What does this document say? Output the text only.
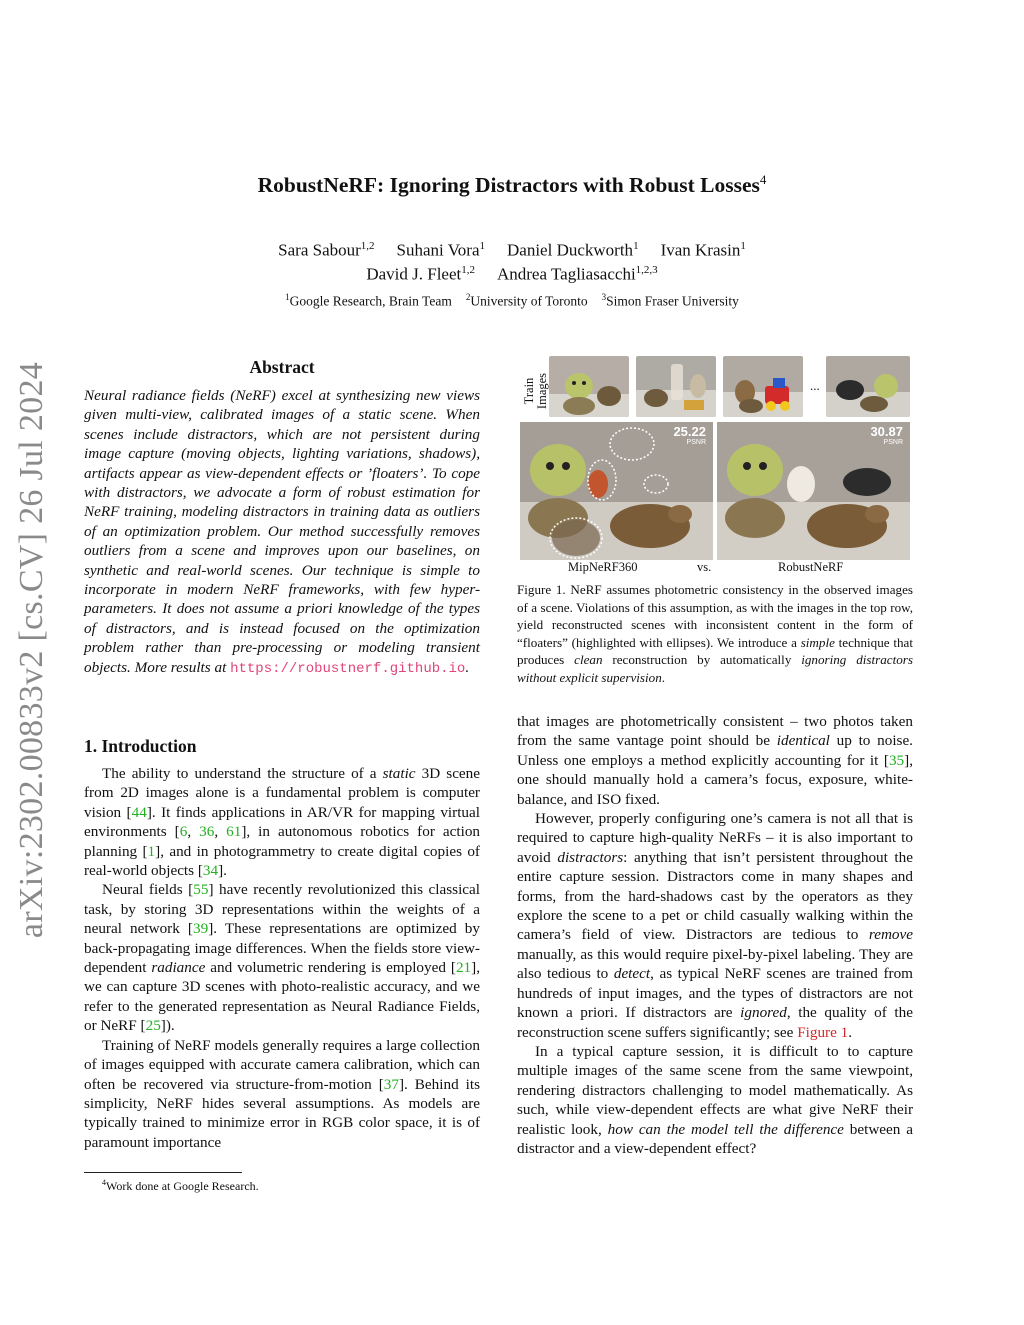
arXiv:2302.00833v2 [cs.CV] 26 Jul 2024
RobustNeRF: Ignoring Distractors with Robust Losses$^4$
Sara Sabour$^{1,2}$ Suhani Vora$^1$ Daniel Duckworth$^1$ Ivan Krasin$^1$
David J. Fleet$^{1,2}$ Andrea Tagliasacchi$^{1,2,3}$
$^1$Google Research, Brain Team $^2$University of Toronto $^3$Simon Fraser University
Abstract
Neural radiance fields (NeRF) excel at synthesizing new views given multi-view, calibrated images of a static scene. When scenes include distractors, which are not persistent during image capture (moving objects, lighting variations, shadows), artifacts appear as view-dependent effects or ’floaters’. To cope with distractors, we advocate a form of robust estimation for NeRF training, modeling distractors in training data as outliers of an optimization problem. Our method successfully removes outliers from a scene and improves upon our baselines, on synthetic and real-world scenes. Our technique is simple to incorporate in modern NeRF frameworks, with few hyper-parameters. It does not assume a priori knowledge of the types of distractors, and is instead focused on the optimization problem rather than pre-processing or modeling transient objects. More results at https://robustnerf.github.io.
1. Introduction

The ability to understand the structure of a static 3D scene from 2D images alone is a fundamental problem is computer vision [44]. It finds applications in AR/VR for mapping virtual environments [6, 36, 61], in autonomous robotics for action planning [1], and in photogrammetry to create digital copies of real-world objects [34].

Neural fields [55] have recently revolutionized this classical task, by storing 3D representations within the weights of a neural network [39]. These representations are optimized by back-propagating image differences. When the fields store view-dependent radiance and volumetric rendering is employed [21], we can capture 3D scenes with photo-realistic accuracy, and we refer to the generated representation as Neural Radiance Fields, or NeRF [25]).

Training of NeRF models generally requires a large collection of images equipped with accurate camera calibration, which can often be recovered via structure-from-motion [37]. Behind its simplicity, NeRF hides several assumptions. As models are typically trained to minimize error in RGB color space, it is of paramount importance

$^4$Work done at Google Research.
Train Images	...
25.22
PSNR
30.87
PSNR
MipNeRF360	vs.	RobustNeRF
Figure 1. NeRF assumes photometric consistency in the observed images of a scene. Violations of this assumption, as with the images in the top row, yield reconstructed scenes with inconsistent content in the form of “floaters” (highlighted with ellipses). We introduce a simple technique that produces clean reconstruction by automatically ignoring distractors without explicit supervision.

that images are photometrically consistent – two photos taken from the same vantage point should be identical up to noise. Unless one employs a method explicitly accounting for it [35], one should manually hold a camera’s focus, exposure, white-balance, and ISO fixed.

However, properly configuring one’s camera is not all that is required to capture high-quality NeRFs – it is also important to avoid distractors: anything that isn’t persistent throughout the entire capture session. Distractors come in many shapes and forms, from the hard-shadows cast by the operators as they explore the scene to a pet or child casually walking within the camera’s field of view. Distractors are tedious to remove manually, as this would require pixel-by-pixel labeling. They are also tedious to detect, as typical NeRF scenes are trained from hundreds of input images, and the types of distractors are not known a priori. If distractors are ignored, the quality of the reconstruction scene suffers significantly; see Figure 1.

In a typical capture session, it is difficult to to capture multiple images of the same scene from the same viewpoint, rendering distractors challenging to model mathematically. As such, while view-dependent effects are what give NeRF their realistic look, how can the model tell the difference between a distractor and a view-dependent effect?
